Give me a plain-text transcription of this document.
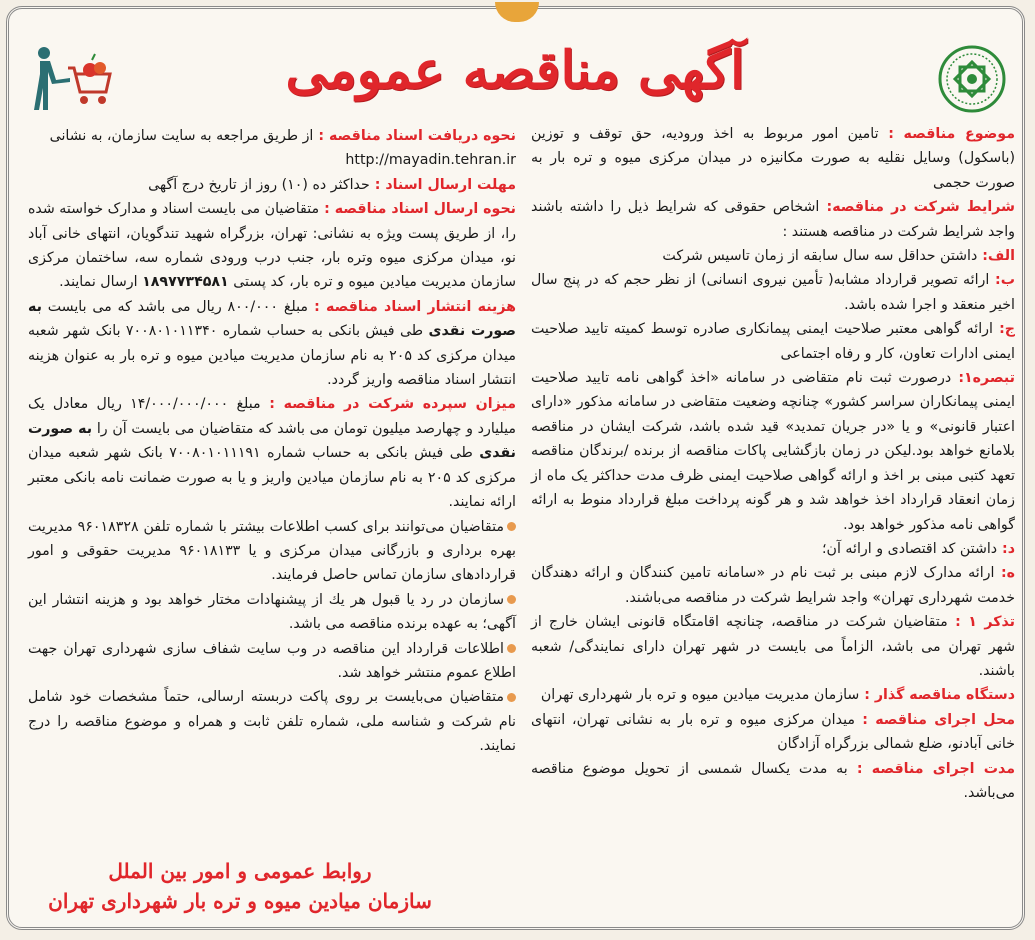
آگهی مناقصه عمومی

موضوع مناقصه : تامین امور مربوط به اخذ ورودیه، حق توقف و توزین (باسکول) وسایل نقلیه به صورت مکانیزه در میدان مرکزی میوه و تره بار به صورت حجمی

شرایط شرکت در مناقصه: اشخاص حقوقی که شرایط ذیل را داشته باشند واجد شرایط شرکت در مناقصه هستند :

الف: داشتن حداقل سه سال سابقه از زمان تاسیس شرکت

ب: ارائه تصویر قرارداد مشابه( تأمین نیروی انسانی) از نظر حجم که در پنج سال اخیر منعقد و اجرا شده باشد.

ج: ارائه گواهی معتبر صلاحیت ایمنی پیمانکاری صادره توسط کمیته تایید صلاحیت ایمنی ادارات تعاون، کار و رفاه اجتماعی

تبصره۱: درصورت ثبت نام متقاضی در سامانه «اخذ گواهی نامه تایید صلاحیت ایمنی پیمانکاران سراسر کشور» چنانچه وضعیت متقاضی در سامانه مذکور «دارای اعتبار قانونی» و یا «در جریان تمدید» قید شده باشد، شرکت ایشان در مناقصه بلامانع خواهد بود.لیکن در زمان بازگشایی پاکات مناقصه از برنده /برندگان مناقصه تعهد کتبی مبنی بر اخذ و ارائه گواهی صلاحیت ایمنی ظرف مدت حداکثر یک ماه از زمان انعقاد قرارداد اخذ خواهد شد و هر گونه پرداخت مبلغ قرارداد منوط به ارائه گواهی نامه مذکور خواهد بود.

د: داشتن کد اقتصادی و ارائه آن؛

ه: ارائه مدارک لازم مبنی بر ثبت نام در «سامانه تامین کنندگان و ارائه دهندگان خدمت شهرداری تهران» واجد شرایط شرکت در مناقصه می‌باشند.

تذکر ۱ : متقاضیان شرکت در مناقصه، چنانچه اقامتگاه قانونی ایشان خارج از شهر تهران می باشد، الزاماً می بایست در شهر تهران دارای نمایندگی/ شعبه باشند.

دستگاه مناقصه گذار : سازمان مدیریت میادین میوه و تره بار شهرداری تهران

محل اجرای مناقصه : میدان مرکزی میوه و تره بار به نشانی تهران، انتهای خانی آبادنو، ضلع شمالی بزرگراه آزادگان

مدت اجرای مناقصه : به مدت یکسال شمسی از تحویل موضوع مناقصه می‌باشد.

نحوه دریافت اسناد مناقصه : از طریق مراجعه به سایت سازمان، به نشانی

http://mayadin.tehran.ir

مهلت ارسال اسناد : حداکثر ده (۱۰) روز از تاریخ درج آگهی

نحوه ارسال اسناد مناقصه : متقاضیان می بایست اسناد و مدارک خواسته شده را، از طریق پست ویژه به نشانی: تهران، بزرگراه شهید تندگویان، انتهای خانی آباد نو، میدان مرکزی میوه وتره بار، جنب درب ورودی شماره سه، ساختمان مرکزی سازمان مدیریت میادین میوه و تره بار، کد پستی ۱۸۹۷۷۳۴۵۸۱ ارسال نمایند.

هزینه انتشار اسناد مناقصه : مبلغ ۸۰۰/۰۰۰ ریال می باشد که می بایست به صورت نقدی طی فیش بانکی به حساب شماره ۷۰۰۸۰۱۰۱۱۳۴۰ بانک شهر شعبه میدان مرکزی کد ۲۰۵ به نام سازمان مدیریت میادین میوه و تره بار به عنوان هزینه انتشار اسناد مناقصه واریز گردد.

میزان سپرده شرکت در مناقصه : مبلغ ۱۴/۰۰۰/۰۰۰/۰۰۰ ریال معادل یک میلیارد و چهارصد میلیون تومان می باشد که متقاضیان می بایست آن را به صورت نقدی طی فیش بانکی به حساب شماره ۷۰۰۸۰۱۰۱۱۱۹۱ بانک شهر شعبه میدان مرکزی کد ۲۰۵ به نام سازمان میادین واریز و یا به صورت ضمانت نامه بانکی معتبر ارائه نمایند.

متقاضیان می‌توانند برای کسب اطلاعات بیشتر با شماره تلفن ۹۶۰۱۸۳۲۸ مدیریت بهره برداری و بازرگانی میدان مرکزی و یا ۹۶۰۱۸۱۳۳ مدیریت حقوقی و امور قراردادهای سازمان تماس حاصل فرمایند.

سازمان در رد یا قبول هر یك از پیشنهادات مختار خواهد بود و هزینه انتشار این آگهی؛ به عهده برنده مناقصه می باشد.

اطلاعات قرارداد این مناقصه در وب سایت شفاف سازی شهرداری تهران جهت اطلاع عموم منتشر خواهد شد.

متقاضیان می‌بایست بر روی پاکت دربسته ارسالی، حتماً مشخصات خود شامل نام شرکت و شناسه ملی، شماره تلفن ثابت و همراه و موضوع مناقصه را درج نمایند.

روابط عمومی و امور بین الملل
سازمان میادین میوه و تره بار شهرداری تهران
